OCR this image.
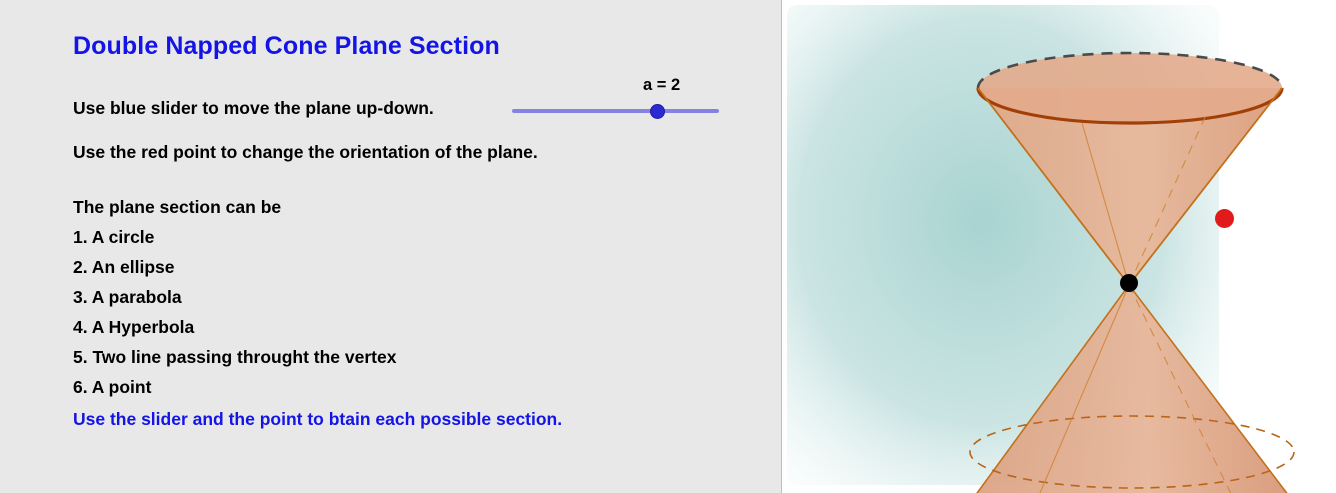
Double Napped Cone Plane Section
Use blue slider to move the plane up-down.
Use the red point to change the orientation of the plane.
The plane section can be
1. A circle
2. An ellipse
3. A parabola
4. A Hyperbola
5. Two line passing throught the vertex
6. A point
Use the slider and the point to btain each possible section.
a = 2
